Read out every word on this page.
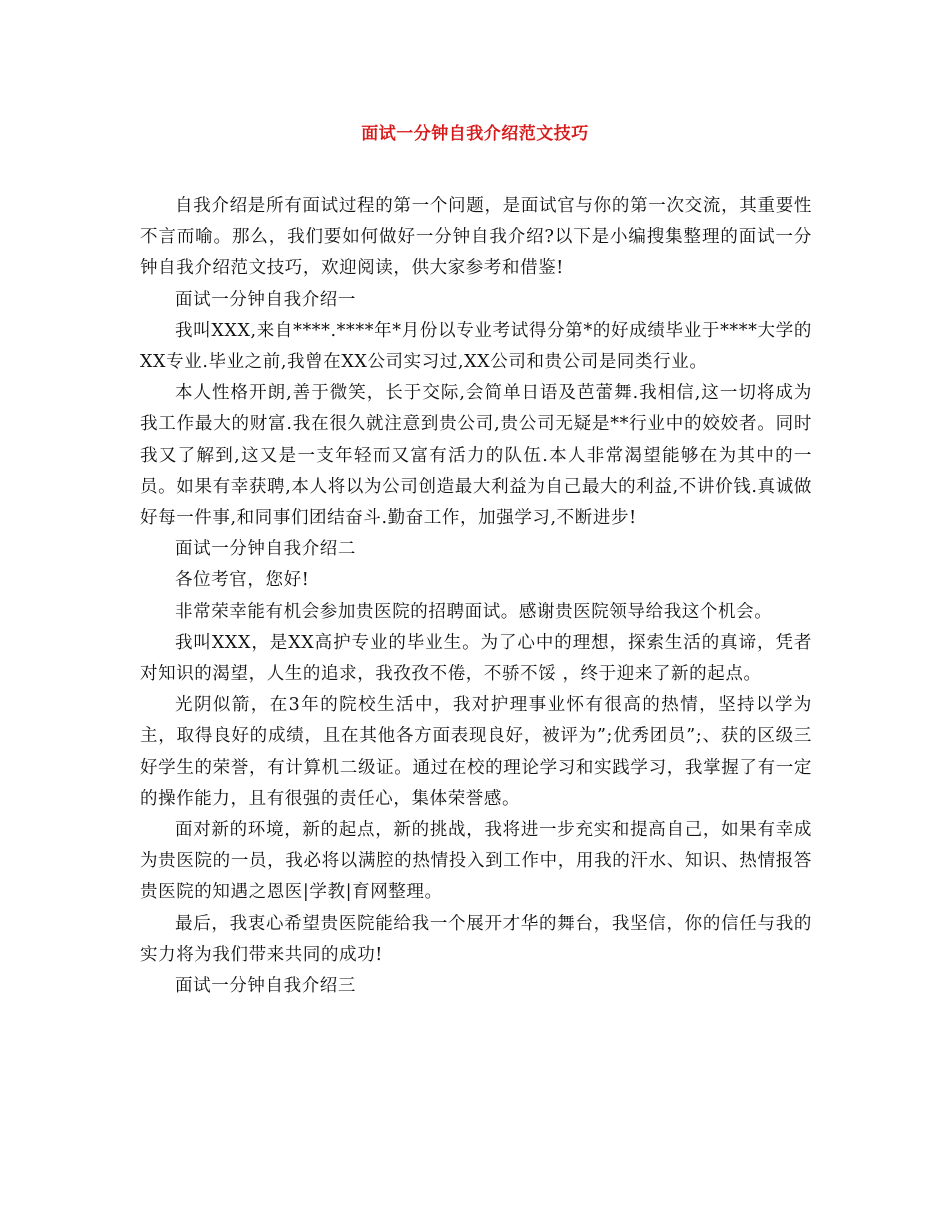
面试一分钟自我介绍范文技巧

自我介绍是所有面试过程的第一个问题，是面试官与你的第一次交流，其重要性不言而喻。那么，我们要如何做好一分钟自我介绍?以下是小编搜集整理的面试一分钟自我介绍范文技巧，欢迎阅读，供大家参考和借鉴!

面试一分钟自我介绍一

我叫XXX,来自****.****年*月份以专业考试得分第*的好成绩毕业于****大学的XX专业.毕业之前,我曾在XX公司实习过,XX公司和贵公司是同类行业。

本人性格开朗,善于微笑，长于交际,会简单日语及芭蕾舞.我相信,这一切将成为我工作最大的财富.我在很久就注意到贵公司,贵公司无疑是**行业中的姣姣者。同时我又了解到,这又是一支年轻而又富有活力的队伍.本人非常渴望能够在为其中的一员。如果有幸获聘,本人将以为公司创造最大利益为自己最大的利益,不讲价钱.真诚做好每一件事,和同事们团结奋斗.勤奋工作，加强学习,不断进步!

面试一分钟自我介绍二

各位考官，您好!

非常荣幸能有机会参加贵医院的招聘面试。感谢贵医院领导给我这个机会。

我叫XXX，是XX高护专业的毕业生。为了心中的理想，探索生活的真谛，凭者对知识的渴望，人生的追求，我孜孜不倦，不骄不馁 ，终于迎来了新的起点。

光阴似箭，在3年的院校生活中，我对护理事业怀有很高的热情，坚持以学为主，取得良好的成绩，且在其他各方面表现良好，被评为”;优秀团员”;、获的区级三好学生的荣誉，有计算机二级证。通过在校的理论学习和实践学习，我掌握了有一定的操作能力，且有很强的责任心，集体荣誉感。

面对新的环境，新的起点，新的挑战，我将进一步充实和提高自己，如果有幸成为贵医院的一员，我必将以满腔的热情投入到工作中，用我的汗水、知识、热情报答贵医院的知遇之恩医|学教|育网整理。

最后，我衷心希望贵医院能给我一个展开才华的舞台，我坚信，你的信任与我的实力将为我们带来共同的成功!

面试一分钟自我介绍三
